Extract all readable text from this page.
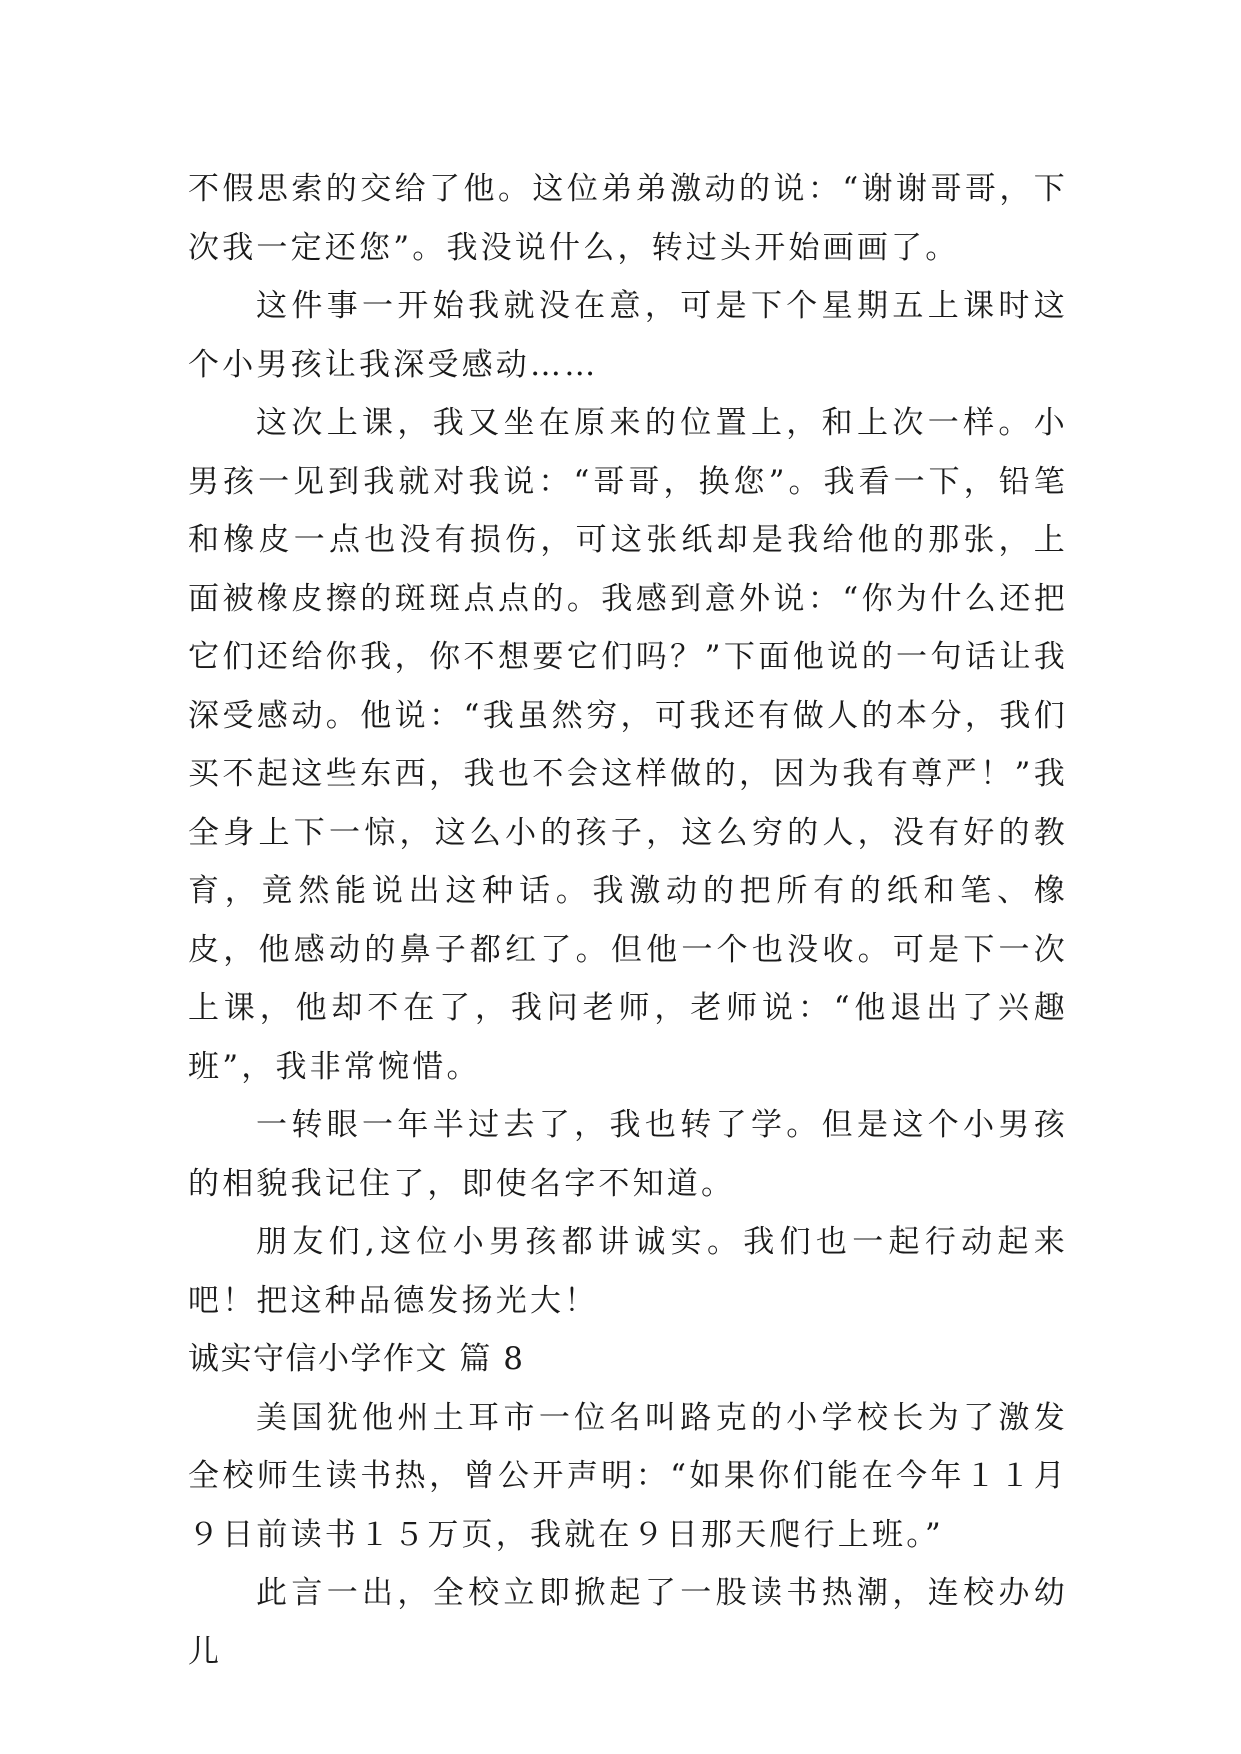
不假思索的交给了他。这位弟弟激动的说：“谢谢哥哥，下次我一定还您”。我没说什么，转过头开始画画了。

这件事一开始我就没在意，可是下个星期五上课时这个小男孩让我深受感动……

这次上课，我又坐在原来的位置上，和上次一样。小男孩一见到我就对我说：“哥哥，换您”。我看一下，铅笔和橡皮一点也没有损伤，可这张纸却是我给他的那张，上面被橡皮擦的斑斑点点的。我感到意外说：“你为什么还把它们还给你我，你不想要它们吗？”下面他说的一句话让我深受感动。他说：“我虽然穷，可我还有做人的本分，我们买不起这些东西，我也不会这样做的，因为我有尊严！”我全身上下一惊，这么小的孩子，这么穷的人，没有好的教育，竟然能说出这种话。我激动的把所有的纸和笔、橡皮，他感动的鼻子都红了。但他一个也没收。可是下一次上课，他却不在了，我问老师，老师说：“他退出了兴趣班”，我非常惋惜。

一转眼一年半过去了，我也转了学。但是这个小男孩的相貌我记住了，即使名字不知道。

朋友们,这位小男孩都讲诚实。我们也一起行动起来吧！把这种品德发扬光大！

诚实守信小学作文 篇 8

美国犹他州土耳市一位名叫路克的小学校长为了激发全校师生读书热，曾公开声明：“如果你们能在今年１１月９日前读书１５万页，我就在９日那天爬行上班。”

此言一出，全校立即掀起了一股读书热潮，连校办幼儿
